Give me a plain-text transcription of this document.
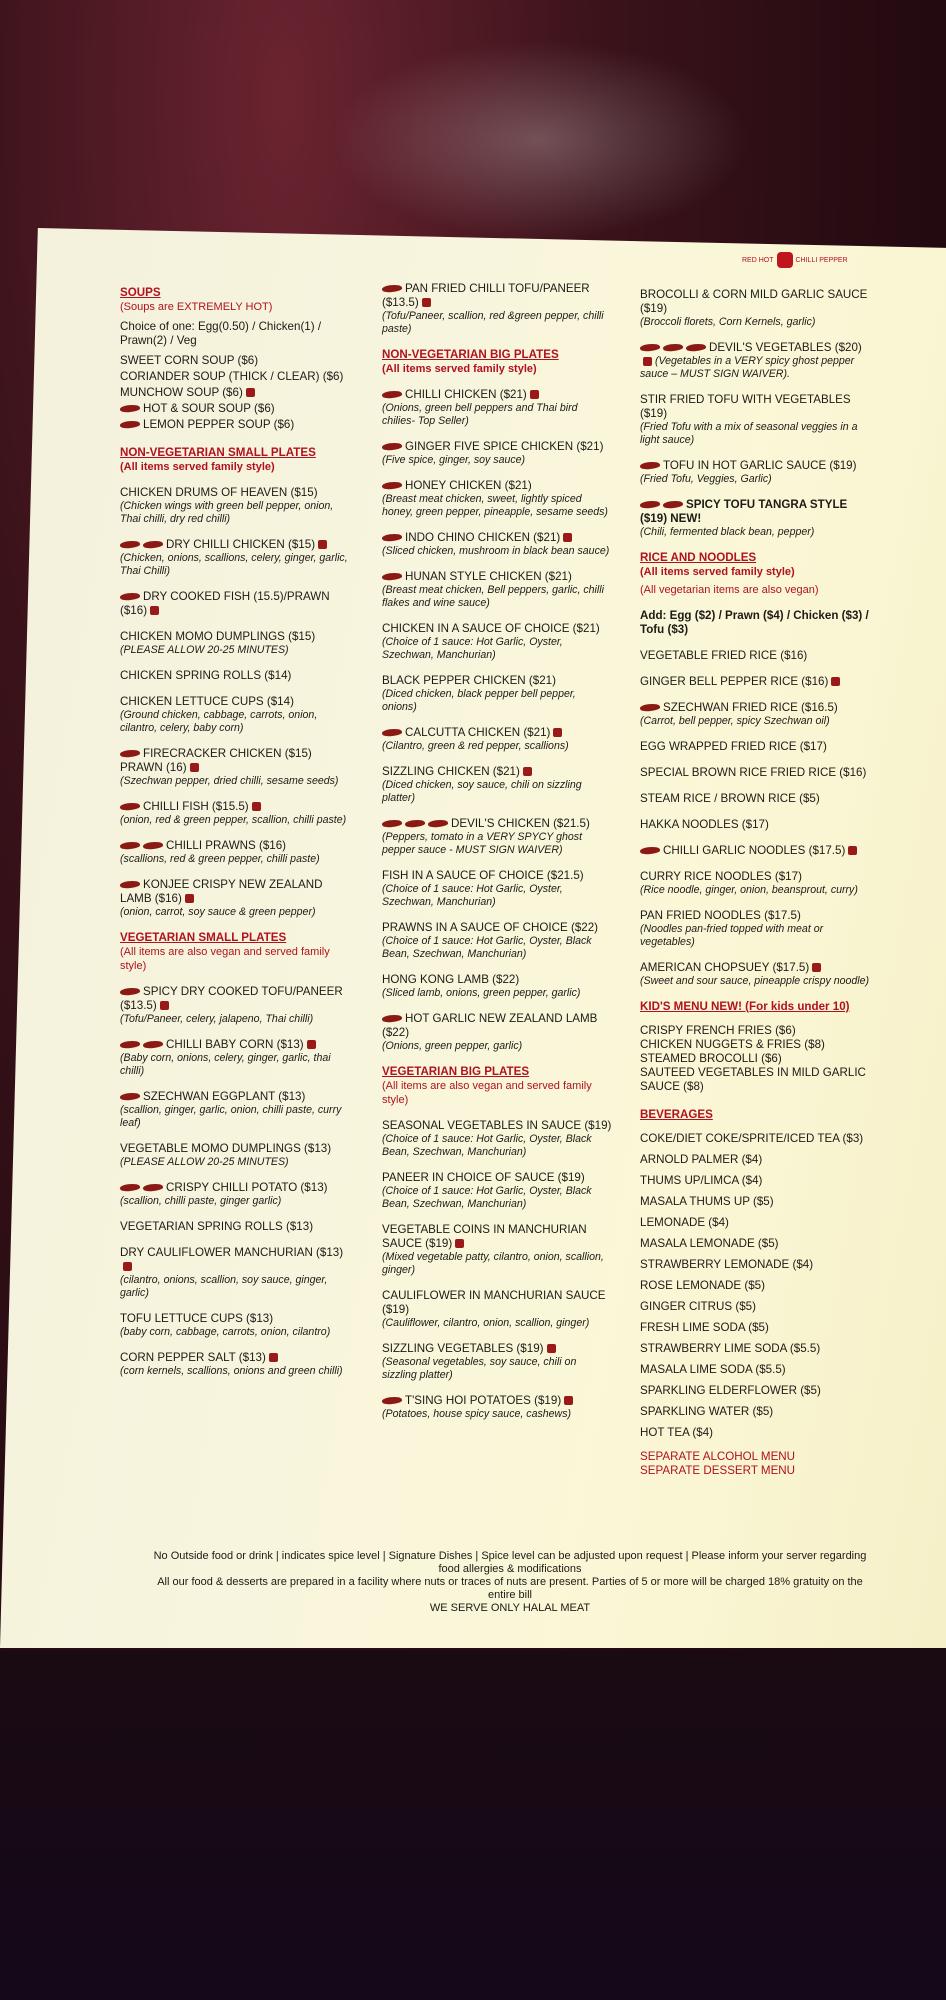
RED HOT	CHILLI PEPPER
SOUPS
(Soups are EXTREMELY HOT)
Choice of one: Egg(0.50) / Chicken(1) / Prawn(2) / Veg
SWEET CORN SOUP ($6)
CORIANDER SOUP (THICK / CLEAR) ($6)
MUNCHOW SOUP ($6)
HOT & SOUR SOUP ($6)
LEMON PEPPER SOUP ($6)
NON-VEGETARIAN SMALL PLATES
(All items served family style)
CHICKEN DRUMS OF HEAVEN ($15)
(Chicken wings with green bell pepper, onion, Thai chilli, dry red chilli)
DRY CHILLI CHICKEN ($15)
(Chicken, onions, scallions, celery, ginger, garlic, Thai Chilli)
DRY COOKED FISH (15.5)/PRAWN ($16)
CHICKEN MOMO DUMPLINGS ($15)
(PLEASE ALLOW 20-25 MINUTES)
CHICKEN SPRING ROLLS ($14)
CHICKEN LETTUCE CUPS ($14)
(Ground chicken, cabbage, carrots, onion, cilantro, celery, baby corn)
FIRECRACKER CHICKEN ($15) PRAWN (16)
(Szechwan pepper, dried chilli, sesame seeds)
CHILLI FISH ($15.5)
(onion, red & green pepper, scallion, chilli paste)
CHILLI PRAWNS ($16)
(scallions, red & green pepper, chilli paste)
KONJEE CRISPY NEW ZEALAND LAMB ($16)
(onion, carrot, soy sauce & green pepper)
VEGETARIAN SMALL PLATES
(All items are also vegan and served family style)
SPICY DRY COOKED TOFU/PANEER ($13.5)
(Tofu/Paneer, celery, jalapeno, Thai chilli)
CHILLI BABY CORN ($13)
(Baby corn, onions, celery, ginger, garlic, thai chilli)
SZECHWAN EGGPLANT ($13)
(scallion, ginger, garlic, onion, chilli paste, curry leaf)
VEGETABLE MOMO DUMPLINGS ($13)
(PLEASE ALLOW 20-25 MINUTES)
CRISPY CHILLI POTATO ($13)
(scallion, chilli paste, ginger garlic)
VEGETARIAN SPRING ROLLS ($13)
DRY CAULIFLOWER MANCHURIAN ($13)
(cilantro, onions, scallion, soy sauce, ginger, garlic)
TOFU LETTUCE CUPS ($13)
(baby corn, cabbage, carrots, onion, cilantro)
CORN PEPPER SALT ($13)
(corn kernels, scallions, onions and green chilli)
PAN FRIED CHILLI TOFU/PANEER ($13.5)
(Tofu/Paneer, scallion, red &green pepper, chilli paste)
NON-VEGETARIAN BIG PLATES
(All items served family style)
CHILLI CHICKEN ($21)
(Onions, green bell peppers and Thai bird chilies- Top Seller)
GINGER FIVE SPICE CHICKEN ($21)
(Five spice, ginger, soy sauce)
HONEY CHICKEN ($21)
(Breast meat chicken, sweet, lightly spiced honey, green pepper, pineapple, sesame seeds)
INDO CHINO CHICKEN ($21)
(Sliced chicken, mushroom in black bean sauce)
HUNAN STYLE CHICKEN ($21)
(Breast meat chicken, Bell peppers, garlic, chilli flakes and wine sauce)
CHICKEN IN A SAUCE OF CHOICE ($21)
(Choice of 1 sauce: Hot Garlic, Oyster, Szechwan, Manchurian)
BLACK PEPPER CHICKEN ($21)
(Diced chicken, black pepper bell pepper, onions)
CALCUTTA CHICKEN ($21)
(Cilantro, green & red pepper, scallions)
SIZZLING CHICKEN ($21)
(Diced chicken, soy sauce, chili on sizzling platter)
DEVIL'S CHICKEN ($21.5)
(Peppers, tomato in a VERY SPYCY ghost pepper sauce - MUST SIGN WAIVER)
FISH IN A SAUCE OF CHOICE ($21.5)
(Choice of 1 sauce: Hot Garlic, Oyster, Szechwan, Manchurian)
PRAWNS IN A SAUCE OF CHOICE ($22)
(Choice of 1 sauce: Hot Garlic, Oyster, Black Bean, Szechwan, Manchurian)
HONG KONG LAMB ($22)
(Sliced lamb, onions, green pepper, garlic)
HOT GARLIC NEW ZEALAND LAMB ($22)
(Onions, green pepper, garlic)
VEGETARIAN BIG PLATES
(All items are also vegan and served family style)
SEASONAL VEGETABLES IN SAUCE ($19)
(Choice of 1 sauce: Hot Garlic, Oyster, Black Bean, Szechwan, Manchurian)
PANEER IN CHOICE OF SAUCE ($19)
(Choice of 1 sauce: Hot Garlic, Oyster, Black Bean, Szechwan, Manchurian)
VEGETABLE COINS IN MANCHURIAN SAUCE ($19)
(Mixed vegetable patty, cilantro, onion, scallion, ginger)
CAULIFLOWER IN MANCHURIAN SAUCE ($19)
(Cauliflower, cilantro, onion, scallion, ginger)
SIZZLING VEGETABLES ($19)
(Seasonal vegetables, soy sauce, chili on sizzling platter)
T'SING HOI POTATOES ($19)
(Potatoes, house spicy sauce, cashews)
BROCOLLI & CORN MILD GARLIC SAUCE ($19)
(Broccoli florets, Corn Kernels, garlic)
DEVIL'S VEGETABLES ($20)
(Vegetables in a VERY spicy ghost pepper sauce – MUST SIGN WAIVER).
STIR FRIED TOFU WITH VEGETABLES ($19)
(Fried Tofu with a mix of seasonal veggies in a light sauce)
TOFU IN HOT GARLIC SAUCE ($19)
(Fried Tofu, Veggies, Garlic)
SPICY TOFU TANGRA STYLE ($19) NEW!
(Chili, fermented black bean, pepper)
RICE AND NOODLES
(All items served family style)
(All vegetarian items are also vegan)
Add: Egg ($2) / Prawn ($4) / Chicken ($3) / Tofu ($3)
VEGETABLE FRIED RICE ($16)
GINGER BELL PEPPER RICE ($16)
SZECHWAN FRIED RICE ($16.5)
(Carrot, bell pepper, spicy Szechwan oil)
EGG WRAPPED FRIED RICE ($17)
SPECIAL BROWN RICE FRIED RICE ($16)
STEAM RICE / BROWN RICE ($5)
HAKKA NOODLES ($17)
CHILLI GARLIC NOODLES ($17.5)
CURRY RICE NOODLES ($17)
(Rice noodle, ginger, onion, beansprout, curry)
PAN FRIED NOODLES ($17.5)
(Noodles pan-fried topped with meat or vegetables)
AMERICAN CHOPSUEY ($17.5)
(Sweet and sour sauce, pineapple crispy noodle)
KID'S MENU NEW! (For kids under 10)
CRISPY FRENCH FRIES ($6)
CHICKEN NUGGETS & FRIES ($8)
STEAMED BROCOLLI ($6)
SAUTEED VEGETABLES IN MILD GARLIC SAUCE ($8)
BEVERAGES
COKE/DIET COKE/SPRITE/ICED TEA ($3)
ARNOLD PALMER ($4)
THUMS UP/LIMCA ($4)
MASALA THUMS UP ($5)
LEMONADE ($4)
MASALA LEMONADE ($5)
STRAWBERRY LEMONADE ($4)
ROSE LEMONADE ($5)
GINGER CITRUS ($5)
FRESH LIME SODA ($5)
STRAWBERRY LIME SODA ($5.5)
MASALA LIME SODA ($5.5)
SPARKLING ELDERFLOWER ($5)
SPARKLING WATER ($5)
HOT TEA ($4)
SEPARATE ALCOHOL MENU
SEPARATE DESSERT MENU
No Outside food or drink | indicates spice level | Signature Dishes | Spice level can be adjusted upon request | Please inform your server regarding food allergies & modifications
All our food & desserts are prepared in a facility where nuts or traces of nuts are present. Parties of 5 or more will be charged 18% gratuity on the entire bill
WE SERVE ONLY HALAL MEAT
